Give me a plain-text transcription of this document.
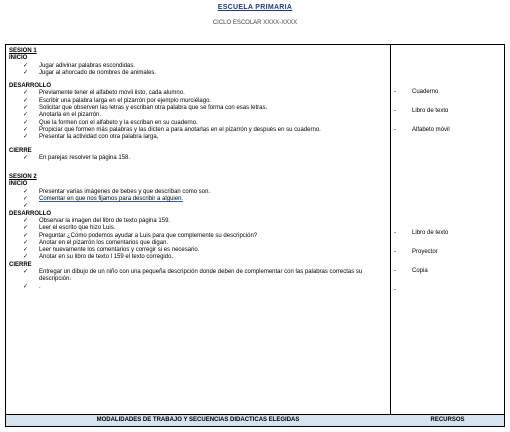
ESCUELA PRIMARIA
CICLO ESCOLAR XXXX-XXXX
SESION 1
INICIO
✓ Jugar adivinar palabras escondidas.
✓ Jugar al ahorcado de nombres de animales.
DESARROLLO
✓ Previamente tener el alfabeto móvil listo, cada alumno.
✓ Escribir una palabra larga en el pizarrón por ejemplo murciélago.
✓ Solicitar que observen las letras y escriban otra palabra que se forma con esas letras.
✓ Anotarla en el pizarrón.
✓ Que la formen con el alfabeto y la escriban en su cuaderno.
✓ Propiciar que formen más palabras y las dicten a para anotarlas en el pizarrón y después en su cuaderno.
✓ Presentar la actividad con otra palabra larga,
CIERRE
✓ En parejas resolver la página 158.
SESION 2
INICIO
✓ Presentar varias imágenes de bebes y que describan como son.
✓ Comentar en que nos fijamos para describir a alguien.
✓
DESARROLLO
✓ Observar la imagen del libro de texto página 159.
✓ Leer el escrito que hizo Luis.
✓ Preguntar ¿Cómo podemos ayudar a Luis para que complemente su descripción?
✓ Anotar en el pizarrón los comentarios que digan.
✓ Leer nuevamente los comentarios y corregir si es necesario.
✓ Anotar en su libro de texto l 159 el texto corregido.
CIERRE
✓ Entregar un dibujo de un niño con una pequeña descripción donde deben de complementar con las palabras correctas su descripción.
✓ .
-	Cuaderno
-	Libro de texto
-	Alfabeto móvil
-	Libro de texto
-	Proyector
-	Copia
-
MODALIDADES DE TRABAJO Y SECUENCIAS DIDACTICAS ELEGIDAS	RECURSOS
